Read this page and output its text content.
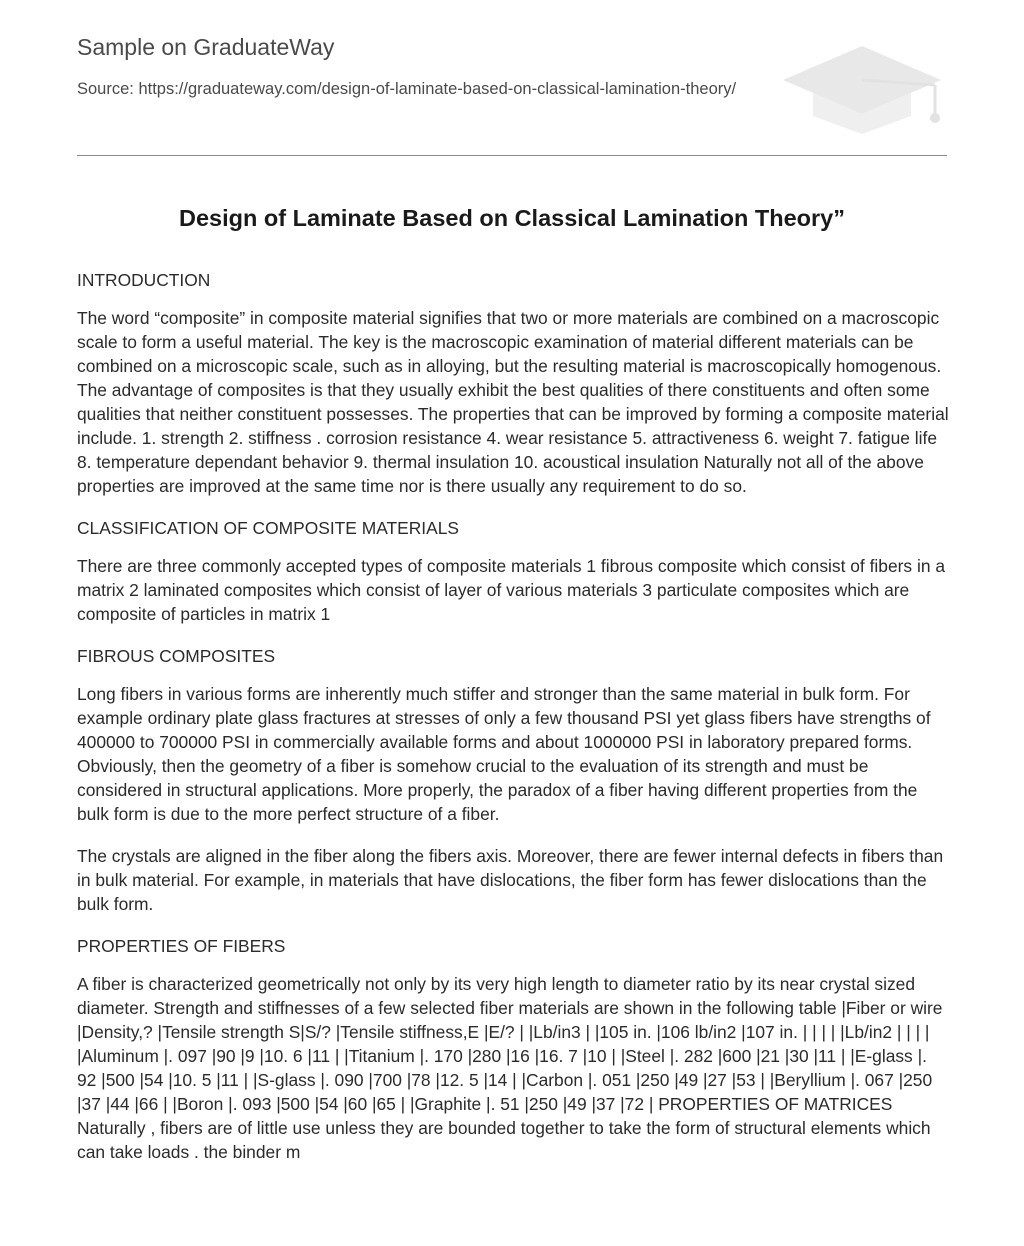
Sample on GraduateWay
Source: https://graduateway.com/design-of-laminate-based-on-classical-lamination-theory/
Design of Laminate Based on Classical Lamination Theory”
INTRODUCTION

The word “composite” in composite material signifies that two or more materials are combined on a macroscopic scale to form a useful material. The key is the macroscopic examination of material different materials can be combined on a microscopic scale, such as in alloying, but the resulting material is macroscopically homogenous. The advantage of composites is that they usually exhibit the best qualities of there constituents and often some qualities that neither constituent possesses. The properties that can be improved by forming a composite material include. 1. strength 2. stiffness . corrosion resistance 4. wear resistance 5. attractiveness 6. weight 7. fatigue life 8. temperature dependant behavior 9. thermal insulation 10. acoustical insulation Naturally not all of the above properties are improved at the same time nor is there usually any requirement to do so.

CLASSIFICATION OF COMPOSITE MATERIALS

There are three commonly accepted types of composite materials 1 fibrous composite which consist of fibers in a matrix 2 laminated composites which consist of layer of various materials 3 particulate composites which are composite of particles in matrix 1

FIBROUS COMPOSITES

Long fibers in various forms are inherently much stiffer and stronger than the same material in bulk form. For example ordinary plate glass fractures at stresses of only a few thousand PSI yet glass fibers have strengths of 400000 to 700000 PSI in commercially available forms and about 1000000 PSI in laboratory prepared forms. Obviously, then the geometry of a fiber is somehow crucial to the evaluation of its strength and must be considered in structural applications. More properly, the paradox of a fiber having different properties from the bulk form is due to the more perfect structure of a fiber.

The crystals are aligned in the fiber along the fibers axis. Moreover, there are fewer internal defects in fibers than in bulk material. For example, in materials that have dislocations, the fiber form has fewer dislocations than the bulk form.

PROPERTIES OF FIBERS

A fiber is characterized geometrically not only by its very high length to diameter ratio by its near crystal sized diameter. Strength and stiffnesses of a few selected fiber materials are shown in the following table |Fiber or wire |Density,? |Tensile strength S|S/? |Tensile stiffness,E |E/? | |Lb/in3 | |105 in. |106 lb/in2 |107 in. | | | | |Lb/in2 | | | | |Aluminum |. 097 |90 |9 |10. 6 |11 | |Titanium |. 170 |280 |16 |16. 7 |10 | |Steel |. 282 |600 |21 |30 |11 | |E-glass |. 92 |500 |54 |10. 5 |11 | |S-glass |. 090 |700 |78 |12. 5 |14 | |Carbon |. 051 |250 |49 |27 |53 | |Beryllium |. 067 |250 |37 |44 |66 | |Boron |. 093 |500 |54 |60 |65 | |Graphite |. 51 |250 |49 |37 |72 | PROPERTIES OF MATRICES Naturally , fibers are of little use unless they are bounded together to take the form of structural elements which can take loads . the binder m
